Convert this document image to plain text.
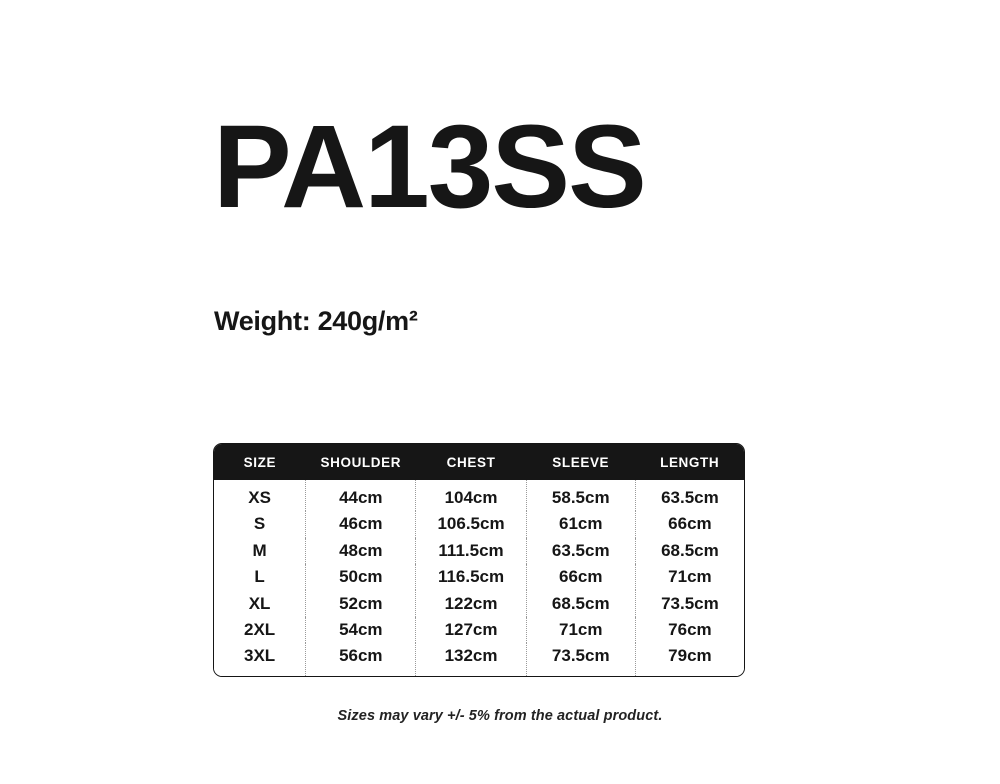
PA13SS
Weight: 240g/m²
SIZE	SHOULDER	CHEST	SLEEVE	LENGTH
XS	44cm	104cm	58.5cm	63.5cm
S	46cm	106.5cm	61cm	66cm
M	48cm	111.5cm	63.5cm	68.5cm
L	50cm	116.5cm	66cm	71cm
XL	52cm	122cm	68.5cm	73.5cm
2XL	54cm	127cm	71cm	76cm
3XL	56cm	132cm	73.5cm	79cm
Sizes may vary +/- 5% from the actual product.
